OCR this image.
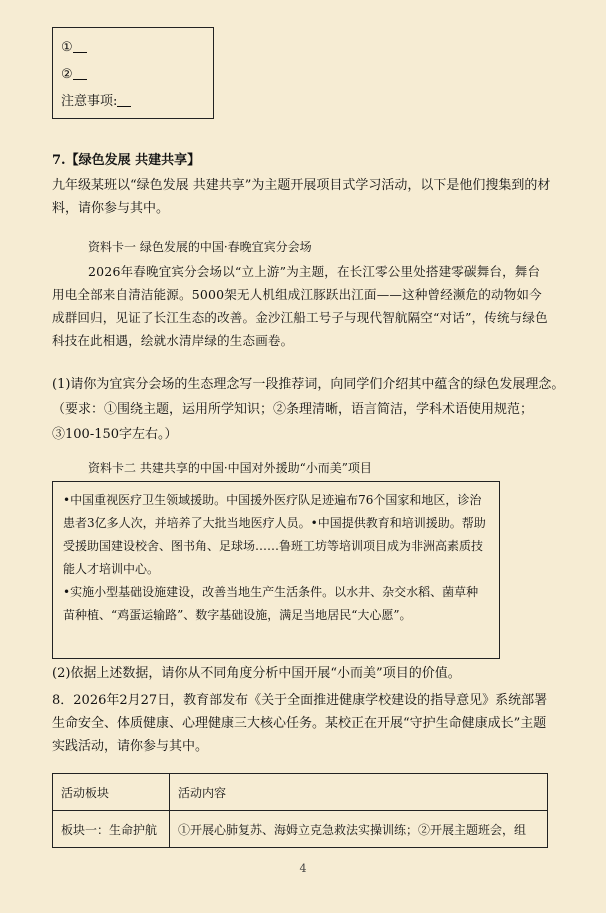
①
②
注意事项:
7.【绿色发展 共建共享】
九年级某班以“绿色发展 共建共享”为主题开展项目式学习活动，以下是他们搜集到的材料，请你参与其中。
资料卡一 绿色发展的中国·春晚宜宾分会场
2026年春晚宜宾分会场以“立上游”为主题，在长江零公里处搭建零碳舞台，舞台用电全部来自清洁能源。5000架无人机组成江豚跃出江面——这种曾经濒危的动物如今成群回归，见证了长江生态的改善。金沙江船工号子与现代智航隔空“对话”，传统与绿色科技在此相遇，绘就水清岸绿的生态画卷。
(1)请你为宜宾分会场的生态理念写一段推荐词，向同学们介绍其中蕴含的绿色发展理念。
（要求：①围绕主题，运用所学知识；②条理清晰，语言简洁，学科术语使用规范；
③100-150字左右。）
资料卡二 共建共享的中国·中国对外援助“小而美”项目
•中国重视医疗卫生领域援助。中国援外医疗队足迹遍布76个国家和地区，诊治患者3亿多人次，并培养了大批当地医疗人员。•中国提供教育和培训援助。帮助受援助国建设校舍、图书角、足球场……鲁班工坊等培训项目成为非洲高素质技能人才培训中心。
•实施小型基础设施建设，改善当地生产生活条件。以水井、杂交水稻、菌草种苗种植、“鸡蛋运输路”、数字基础设施，满足当地居民“大心愿”。
(2)依据上述数据，请你从不同角度分析中国开展“小而美”项目的价值。
8．2026年2月27日，教育部发布《关于全面推进健康学校建设的指导意见》系统部署生命安全、体质健康、心理健康三大核心任务。某校正在开展“守护生命健康成长”主题实践活动，请你参与其中。
活动板块	活动内容
板块一：生命护航	①开展心肺复苏、海姆立克急救法实操训练；②开展主题班会，组
4
